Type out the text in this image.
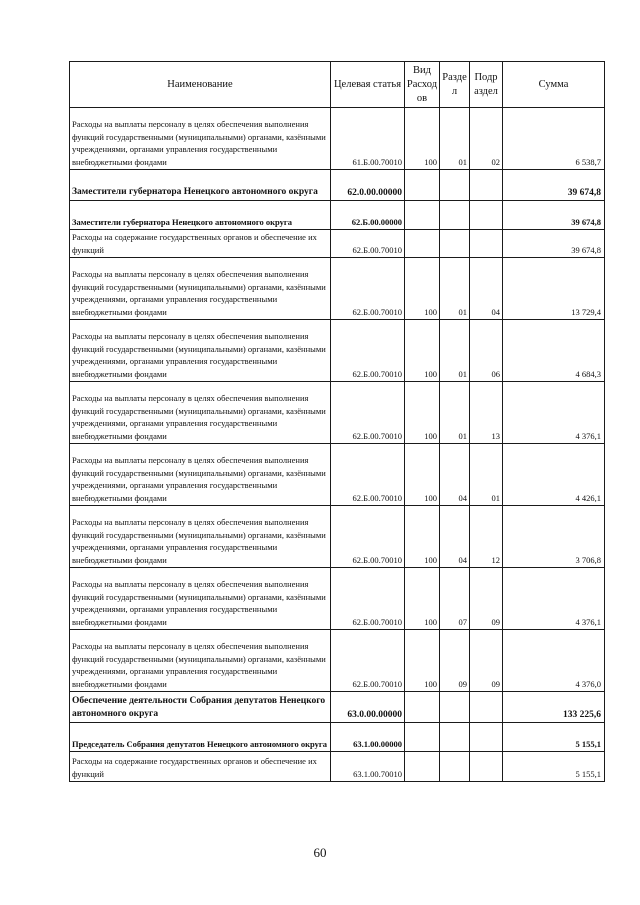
Наименование	Целевая статья	Вид Расход ов	Разде л	Подр аздел	Сумма
Расходы на выплаты персоналу в целях обеспечения выполнения функций государственными (муниципальными) органами, казёнными учреждениями, органами управления государственными внебюджетными фондами	61.Б.00.70010	100	01	02	6 538,7
Заместители губернатора Ненецкого автономного округа	62.0.00.00000				39 674,8
Заместители губернатора Ненецкого автономного округа	62.Б.00.00000				39 674,8
Расходы на содержание государственных органов и обеспечение их функций	62.Б.00.70010				39 674,8
Расходы на выплаты персоналу в целях обеспечения выполнения функций государственными (муниципальными) органами, казёнными учреждениями, органами управления государственными внебюджетными фондами	62.Б.00.70010	100	01	04	13 729,4
Расходы на выплаты персоналу в целях обеспечения выполнения функций государственными (муниципальными) органами, казёнными учреждениями, органами управления государственными внебюджетными фондами	62.Б.00.70010	100	01	06	4 684,3
Расходы на выплаты персоналу в целях обеспечения выполнения функций государственными (муниципальными) органами, казёнными учреждениями, органами управления государственными внебюджетными фондами	62.Б.00.70010	100	01	13	4 376,1
Расходы на выплаты персоналу в целях обеспечения выполнения функций государственными (муниципальными) органами, казёнными учреждениями, органами управления государственными внебюджетными фондами	62.Б.00.70010	100	04	01	4 426,1
Расходы на выплаты персоналу в целях обеспечения выполнения функций государственными (муниципальными) органами, казёнными учреждениями, органами управления государственными внебюджетными фондами	62.Б.00.70010	100	04	12	3 706,8
Расходы на выплаты персоналу в целях обеспечения выполнения функций государственными (муниципальными) органами, казёнными учреждениями, органами управления государственными внебюджетными фондами	62.Б.00.70010	100	07	09	4 376,1
Расходы на выплаты персоналу в целях обеспечения выполнения функций государственными (муниципальными) органами, казёнными учреждениями, органами управления государственными внебюджетными фондами	62.Б.00.70010	100	09	09	4 376,0
Обеспечение деятельности Собрания депутатов Ненецкого автономного округа	63.0.00.00000				133 225,6
Председатель Собрания депутатов Ненецкого автономного округа	63.1.00.00000				5 155,1
Расходы на содержание государственных органов и обеспечение их функций	63.1.00.70010				5 155,1
60
